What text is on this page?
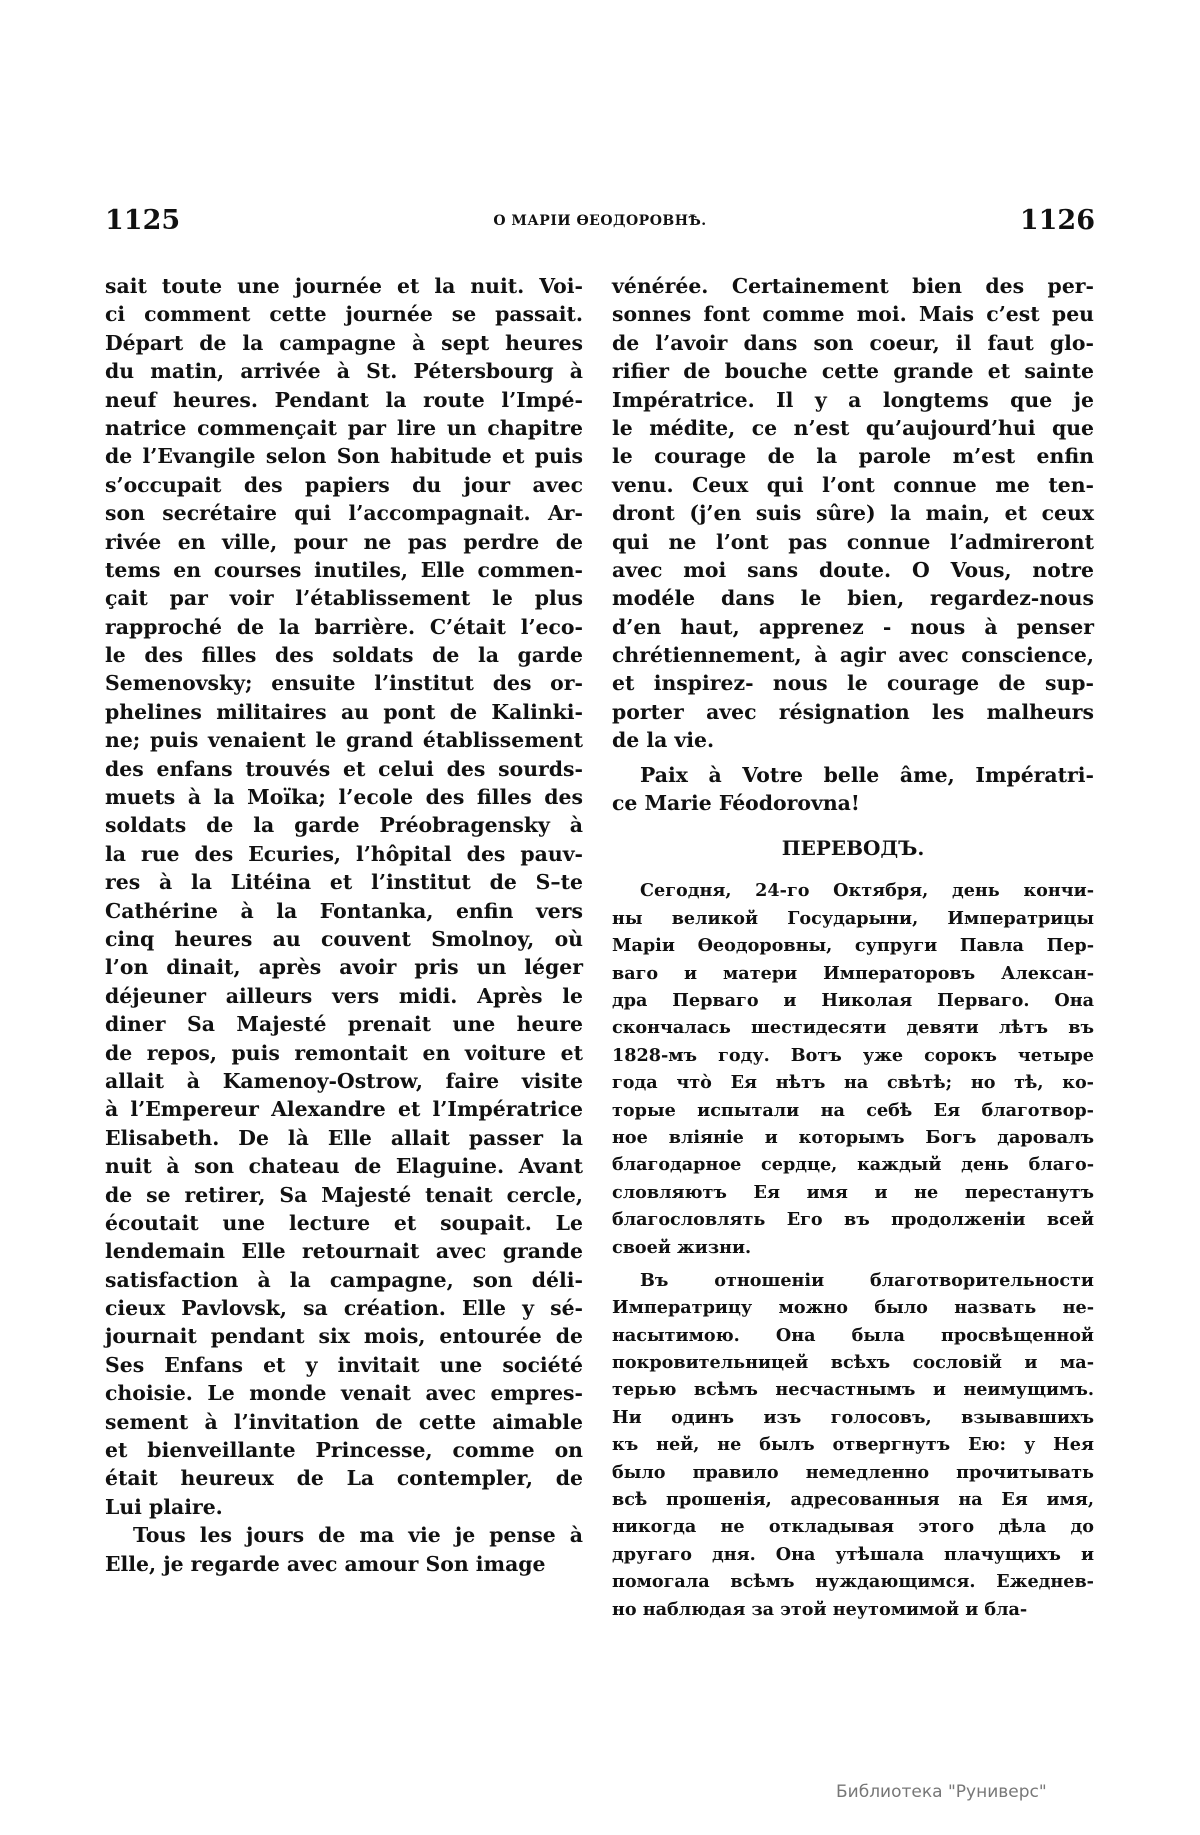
1125	О МАРІИ ѲЕОДОРОВНѢ.	1126
sait toute une journée et la nuit. Voi-
ci comment cette journée se passait.
Départ de la campagne à sept heures
du matin, arrivée à St. Pétersbourg à
neuf heures. Pendant la route l’Impé-
natrice commençait par lire un chapitre
de l’Evangile selon Son habitude et puis
s’occupait des papiers du jour avec
son secrétaire qui l’accompagnait. Ar-
rivée en ville, pour ne pas perdre de
tems en courses inutiles, Elle commen-
çait par voir l’établissement le plus
rapproché de la barrière. C’était l’eco-
le des filles des soldats de la garde
Semenovsky; ensuite l’institut des or-
phelines militaires au pont de Kalinki-
ne; puis venaient le grand établissement
des enfans trouvés et celui des sourds-
muets à la Moïka; l’ecole des filles des
soldats de la garde Préobragensky à
la rue des Ecuries, l’hôpital des pauv-
res à la Litéina et l’institut de S–te
Cathérine à la Fontanka, enfin vers
cinq heures au couvent Smolnoy, où
l’on dinait, après avoir pris un léger
déjeuner ailleurs vers midi. Après le
diner Sa Majesté prenait une heure
de repos, puis remontait en voiture et
allait à Kamenoy-Ostrow, faire visite
à l’Empereur Alexandre et l’Impératrice
Elisabeth. De là Elle allait passer la
nuit à son chateau de Elaguine. Avant
de se retirer, Sa Majesté tenait cercle,
écoutait une lecture et soupait. Le
lendemain Elle retournait avec grande
satisfaction à la campagne, son déli-
cieux Pavlovsk, sa création. Elle y sé-
journait pendant six mois, entourée de
Ses Enfans et y invitait une société
choisie. Le monde venait avec empres-
sement à l’invitation de cette aimable
et bienveillante Princesse, comme on
était heureux de La contempler, de
Lui plaire.
Tous les jours de ma vie je pense à
Elle, je regarde avec amour Son image
vénérée. Certainement bien des per-
sonnes font comme moi. Mais c’est peu
de l’avoir dans son coeur, il faut glo-
rifier de bouche cette grande et sainte
Impératrice. Il y a longtems que je
le médite, ce n’est qu’aujourd’hui que
le courage de la parole m’est enfin
venu. Ceux qui l’ont connue me ten-
dront (j’en suis sûre) la main, et ceux
qui ne l’ont pas connue l’admireront
avec moi sans doute. O Vous, notre
modéle dans le bien, regardez-nous
d’en haut, apprenez - nous à penser
chrétiennement, à agir avec conscience,
et inspirez- nous le courage de sup-
porter avec résignation les malheurs
de la vie.
Paix à Votre belle âme, Impératri-
ce Marie Féodorovna!
ПЕРЕВОДЪ.
Сегодня, 24-го Октября, день кончи-
ны великой Государыни, Императрицы
Маріи Ѳеодоровны, супруги Павла Пер-
ваго и матери Императоровъ Алексан-
дра Перваго и Николая Перваго. Она
скончалась шестидесяти девяти лѣтъ въ
1828-мъ году. Вотъ уже сорокъ четыре
года чтò Ея нѣтъ на свѣтѣ; но тѣ, ко-
торые испытали на себѣ Ея благотвор-
ное вліяніе и которымъ Богъ даровалъ
благодарное сердце, каждый день благо-
словляютъ Ея имя и не перестанутъ
благословлять Его въ продолженіи всей
своей жизни.
Въ отношеніи благотворительности
Императрицу можно было назвать не-
насытимою. Она была просвѣщенной
покровительницей всѣхъ сословій и ма-
терью всѣмъ несчастнымъ и неимущимъ.
Ни одинъ изъ голосовъ, взывавшихъ
къ ней, не былъ отвергнутъ Ею: у Нея
было правило немедленно прочитывать
всѣ прошенія, адресованныя на Ея имя,
никогда не откладывая этого дѣла до
другаго дня. Она утѣшала плачущихъ и
помогала всѣмъ нуждающимся. Ежеднев-
но наблюдая за этой неутомимой и бла-
Библиотека "Руниверс"
